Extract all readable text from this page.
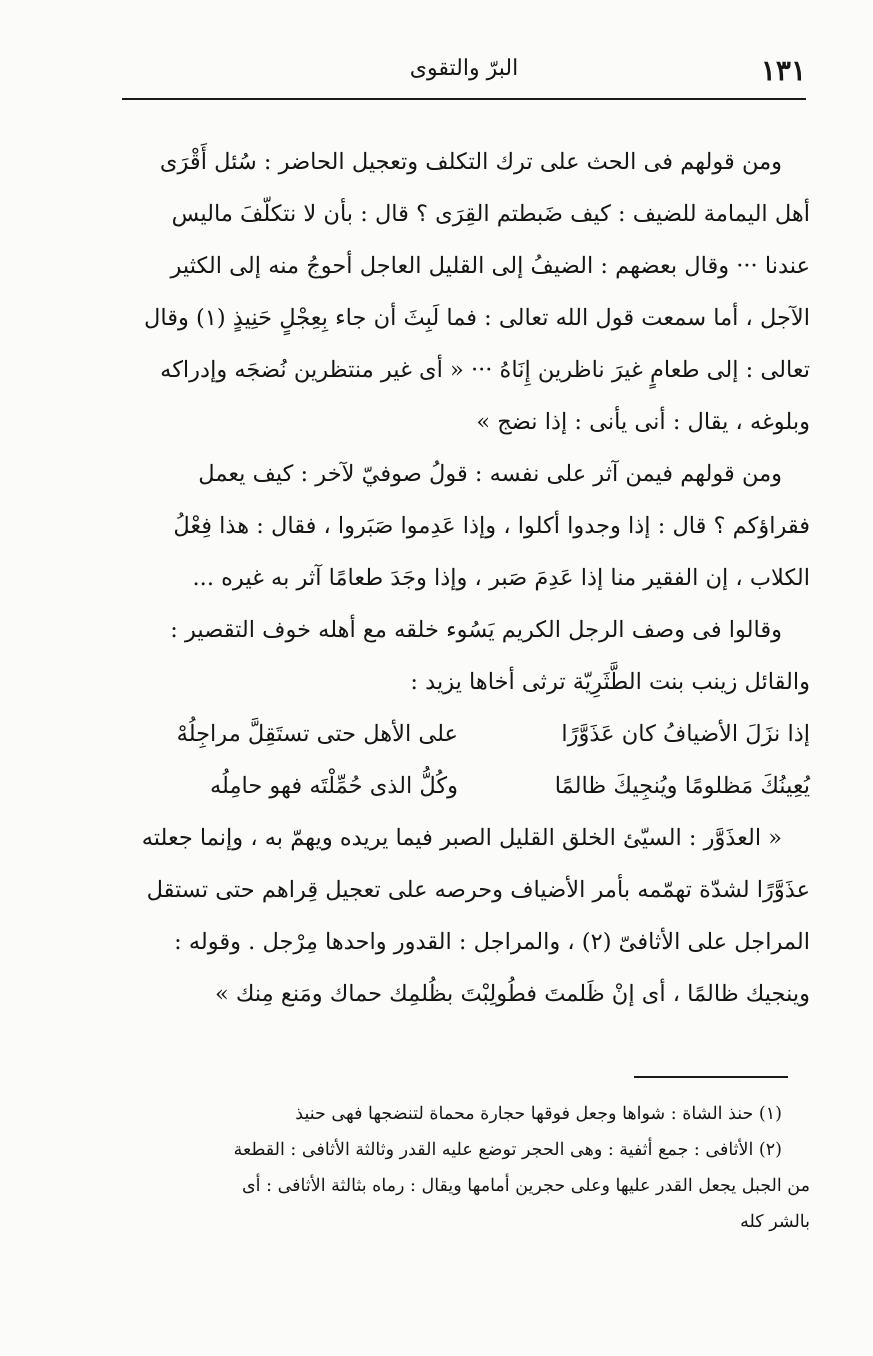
١٣١
البرّ والتقوى
ومن قولهم فى الحث على ترك التكلف وتعجيل الحاضر : سُئل أَقْرَى
أهل اليمامة للضيف : كيف ضَبطتم القِرَى ؟ قال : بأن لا نتكلّفَ ماليس
عندنا ··· وقال بعضهم : الضيفُ إلى القليل العاجل أحوجُ منه إلى الكثير
الآجل ، أما سمعت قول الله تعالى : فما لَبِثَ أن جاء بِعِجْلٍ حَنِيذٍ (١) وقال
تعالى : إلى طعامٍ غيرَ ناظرين إِنَاهُ ··· « أى غير منتظرين نُضجَه وإدراكه
وبلوغه ، يقال : أنى يأنى : إذا نضج »
ومن قولهم فيمن آثر على نفسه : قولُ صوفيّ لآخر : كيف يعمل
فقراؤكم ؟ قال : إذا وجدوا أكلوا ، وإذا عَدِموا صَبَروا ، فقال : هذا فِعْلُ
الكلاب ، إن الفقير منا إذا عَدِمَ صَبر ، وإذا وجَدَ طعامًا آثر به غيره ...
وقالوا فى وصف الرجل الكريم يَسُوء خلقه مع أهله خوف التقصير :
والقائل زينب بنت الطَّثَرِيّة ترثى أخاها يزيد :
إذا نزَلَ الأضيافُ كان عَذَوَّرًا
على الأهل حتى تستَقِلَّ مراجِلُهْ
يُعِينُكَ مَظلومًا ويُنجِيكَ ظالمًا
وكُلُّ الذى حُمِّلْتَه فهو حامِلُه
« العذَوَّر : السيّئ الخلق القليل الصبر فيما يريده ويهمّ به ، وإنما جعلته
عذَوَّرًا لشدّة تهمّمه بأمر الأضياف وحرصه على تعجيل قِراهم حتى تستقل
المراجل على الأثافىّ (٢) ، والمراجل : القدور واحدها مِرْجل . وقوله :
وينجيك ظالمًا ، أى إنْ ظَلمتَ فطُولِبْتَ بظُلمِك حماك ومَنع مِنك »
(١) حنذ الشاة : شواها وجعل فوقها حجارة محماة لتنضجها فهى حنيذ
(٢) الأثافى : جمع أثفية : وهى الحجر توضع عليه القدر وثالثة الأثافى : القطعة
من الجبل يجعل القدر عليها وعلى حجرين أمامها ويقال : رماه بثالثة الأثافى : أى
بالشر كله
